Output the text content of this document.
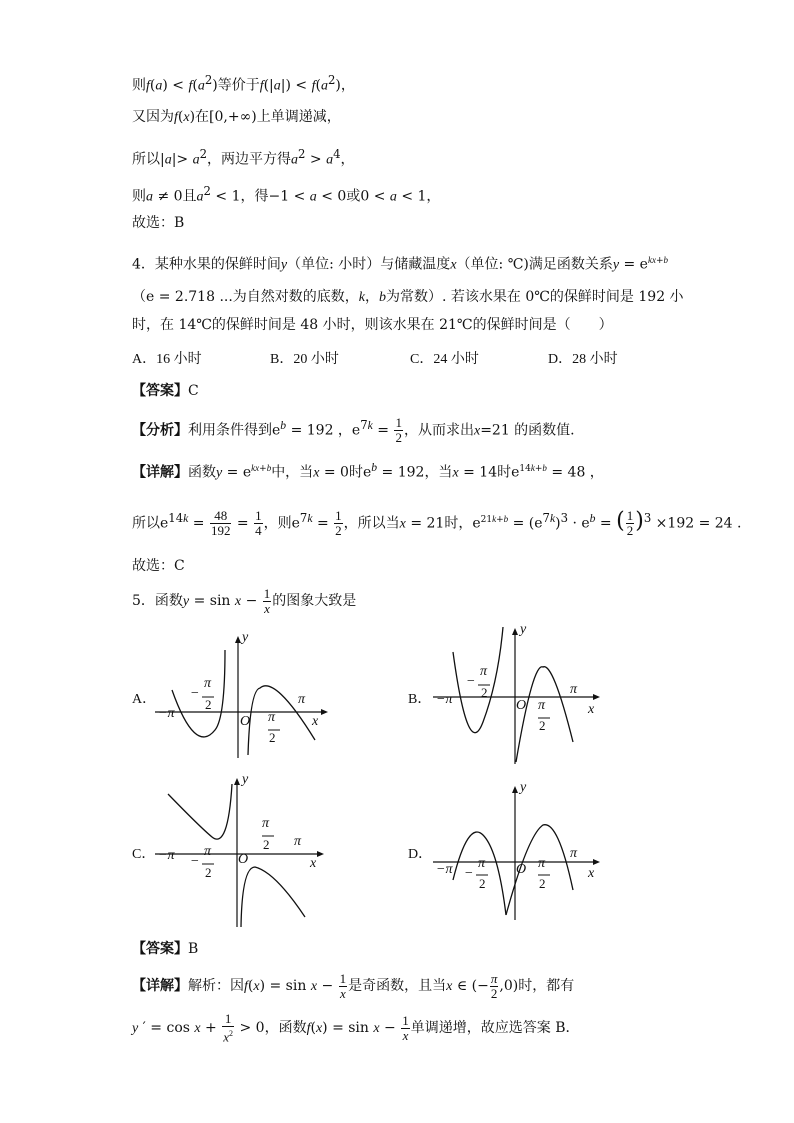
则$f(a) < f(a^2)$等价于$f(|a|) < f(a^2)$，
又因为f(x)在[0,+∞)上单调递减，
所以$|a|> a^2$，两边平方得$a^2 > a^4$，
则a ≠ 0且$a^2 < 1$，得−1 < a < 0或0 < a < 1，
故选：B
4．某种水果的保鲜时间y（单位: 小时）与储藏温度x（单位: ℃)满足函数关系$y = e^{kx+b}$
（e = 2.718 ...为自然对数的底数，k，b为常数）. 若该水果在 0℃的保鲜时间是 192 小
时，在 14℃的保鲜时间是 48 小时，则该水果在 21℃的保鲜时间是（　　）
A．16 小时	B．20 小时	C．24 小时	D．28 小时
【答案】C
【分析】利用条件得到$e^b = 192$ ，$e^{7k} = \frac{1}{2}$ ，从而求出x=21 的函数值.
【详解】函数$y = e^{kx+b}$中，当x = 0时$e^b = 192$，当x = 14时$e^{14k+b} = 48$ ，
所以$e^{14k} = \frac{48}{192} = \frac{1}{4}$ ，则$e^{7k} = \frac{1}{2}$ ，所以当x = 21时，$e^{21k+b} = (e^{7k})^3 \cdot e^b$ = ( $\frac{1}{2} )^3 \times 192 = 24$ .
故选：C
5．函数$y = \sin x - \frac{1}{x}$ 的图象大致是
A．
y
x
O
π
−π
−
π
2
π
2
B．
y
x
O
π
−π
−
π
2
π
2
C．
y
x
O
π
−π −
π
2
π
2
D．
y
x
O
π
−π −
π
2
π
2
【答案】B
【详解】解析：因$f(x) = \sin x - \frac{1}{x}$ 是奇函数，且当x ∈ (− $\frac{\pi}{2} ,0$)时，都有
y ′ = $\cos x + \frac{1}{x^2} > 0$，函数$f(x) = \sin x - \frac{1}{x}$ 单调递增，故应选答案 B．
